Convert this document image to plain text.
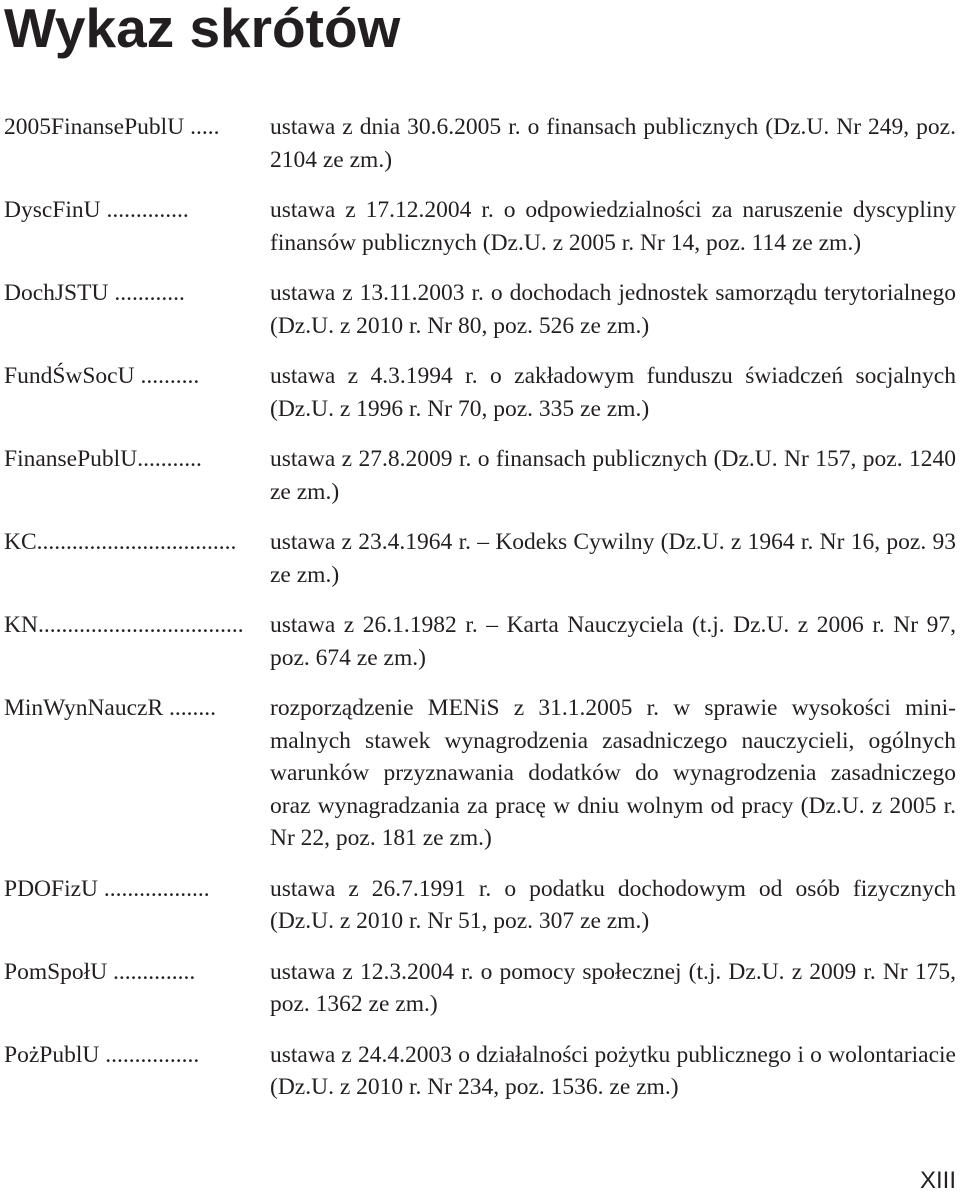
Wykaz skrótów
2005FinansePublU .....	ustawa z dnia 30.6.2005 r. o finansach publicznych (Dz.U. Nr 249, poz. 2104 ze zm.)
DyscFinU ..............	ustawa z 17.12.2004 r. o odpowiedzialności za naruszenie dyscypliny finansów publicznych (Dz.U. z 2005 r. Nr 14, poz. 114 ze zm.)
DochJSTU ............	ustawa z 13.11.2003 r. o dochodach jednostek samorządu terytorialnego (Dz.U. z 2010 r. Nr 80, poz. 526 ze zm.)
FundŚwSocU ..........	ustawa z 4.3.1994 r. o zakładowym funduszu świadczeń socjalnych (Dz.U. z 1996 r. Nr 70, poz. 335 ze zm.)
FinansePublU...........	ustawa z 27.8.2009 r. o finansach publicznych (Dz.U. Nr 157, poz. 1240 ze zm.)
KC..................................	ustawa z 23.4.1964 r. – Kodeks Cywilny (Dz.U. z 1964 r. Nr 16, poz. 93 ze zm.)
KN...................................	ustawa z 26.1.1982 r. – Karta Nauczyciela (t.j. Dz.U. z 2006 r. Nr 97, poz. 674 ze zm.)
MinWynNauczR ........	rozporządzenie MENiS z 31.1.2005 r. w sprawie wysokości minimalnych stawek wynagrodzenia zasadniczego nauczycieli, ogólnych warunków przyznawania dodatków do wynagrodzenia zasadniczego oraz wynagradzania za pracę w dniu wolnym od pracy (Dz.U. z 2005 r. Nr 22, poz. 181 ze zm.)
PDOFizU ..................	ustawa z 26.7.1991 r. o podatku dochodowym od osób fizycznych (Dz.U. z 2010 r. Nr 51, poz. 307 ze zm.)
PomSpołU ..............	ustawa z 12.3.2004 r. o pomocy społecznej (t.j. Dz.U. z 2009 r. Nr 175, poz. 1362 ze zm.)
PożPublU ................	ustawa z 24.4.2003 o działalności pożytku publicznego i o wolontariacie (Dz.U. z 2010 r. Nr 234, poz. 1536. ze zm.)
XIII
